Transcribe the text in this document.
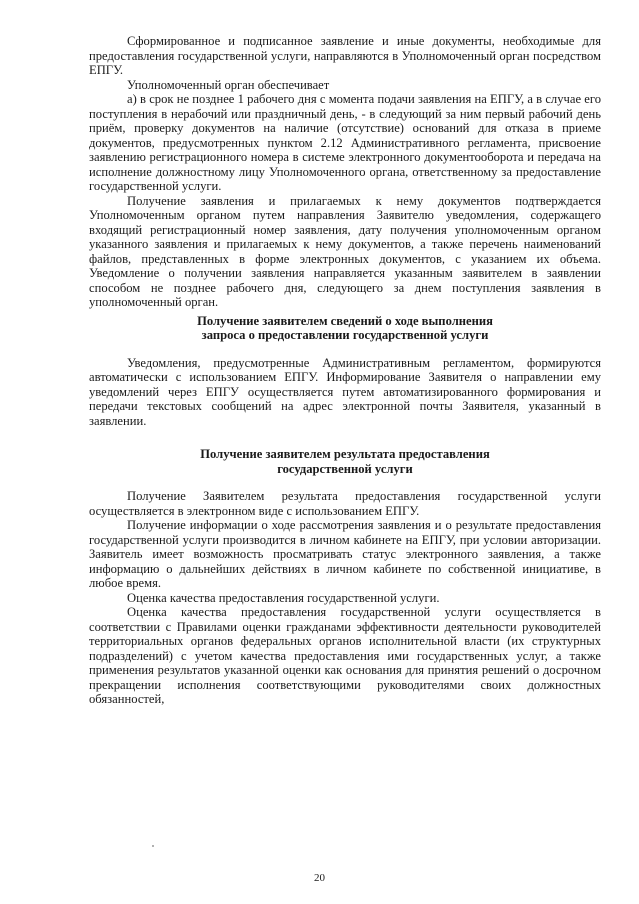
Сформированное и подписанное заявление и иные документы, необходимые для предоставления государственной услуги, направляются в Уполномоченный орган посредством ЕПГУ.

Уполномоченный орган обеспечивает

а) в срок не позднее 1 рабочего дня с момента подачи заявления на ЕПГУ, а в случае его поступления в нерабочий или праздничный день, - в следующий за ним первый рабочий день приём, проверку документов на наличие (отсутствие) оснований для отказа в приеме документов, предусмотренных пунктом 2.12 Административного регламента, присвоение заявлению регистрационного номера в системе электронного документооборота и передача на исполнение должностному лицу Уполномоченного органа, ответственному за предоставление государственной услуги.

Получение заявления и прилагаемых к нему документов подтверждается Уполномоченным органом путем направления Заявителю уведомления, содержащего входящий регистрационный номер заявления, дату получения уполномоченным органом указанного заявления и прилагаемых к нему документов, а также перечень наименований файлов, представленных в форме электронных документов, с указанием их объема. Уведомление о получении заявления направляется указанным заявителем в заявлении способом не позднее рабочего дня, следующего за днем поступления заявления в уполномоченный орган.

Получение заявителем сведений о ходе выполнения
запроса о предоставлении государственной услуги

Уведомления, предусмотренные Административным регламентом, формируются автоматически с использованием ЕПГУ. Информирование Заявителя о направлении ему уведомлений через ЕПГУ осуществляется путем автоматизированного формирования и передачи текстовых сообщений на адрес электронной почты Заявителя, указанный в заявлении.

Получение заявителем результата предоставления
государственной услуги

Получение Заявителем результата предоставления государственной услуги осуществляется в электронном виде с использованием ЕПГУ.

Получение информации о ходе рассмотрения заявления и о результате предоставления государственной услуги производится в личном кабинете на ЕПГУ, при условии авторизации. Заявитель имеет возможность просматривать статус электронного заявления, а также информацию о дальнейших действиях в личном кабинете по собственной инициативе, в любое время.

Оценка качества предоставления государственной услуги.

Оценка качества предоставления государственной услуги осуществляется в соответствии с Правилами оценки гражданами эффективности деятельности руководителей территориальных органов федеральных органов исполнительной власти (их структурных подразделений) с учетом качества предоставления ими государственных услуг, а также применения результатов указанной оценки как основания для принятия решений о досрочном прекращении исполнения соответствующими руководителями своих должностных обязанностей,

20
